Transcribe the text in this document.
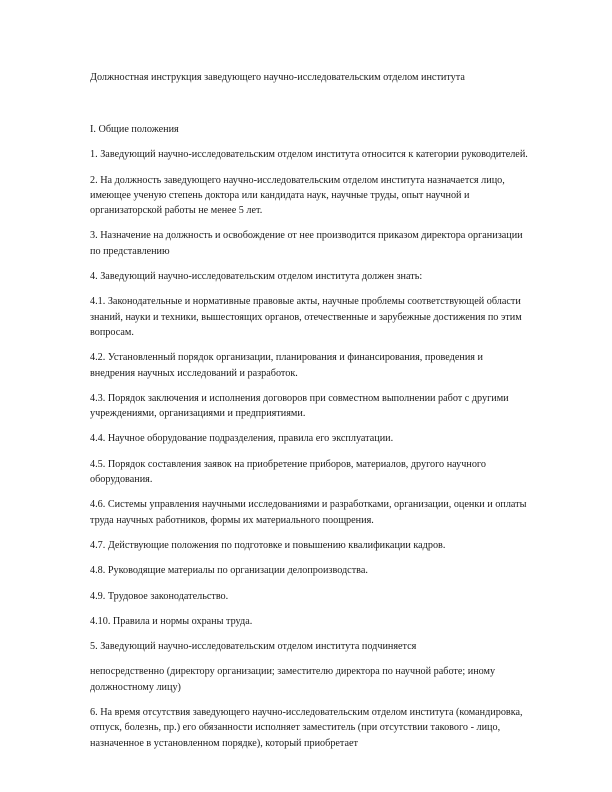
Должностная инструкция заведующего научно-исследовательским отделом института

I. Общие положения

1. Заведующий научно-исследовательским отделом института относится к категории руководителей.

2. На должность заведующего научно-исследовательским отделом института назначается лицо, имеющее ученую степень доктора или кандидата наук, научные труды, опыт научной и организаторской работы не менее 5 лет.

3. Назначение на должность и освобождение от нее производится приказом директора организации по представлению

4. Заведующий научно-исследовательским отделом института должен знать:

4.1. Законодательные и нормативные правовые акты, научные проблемы соответствующей области знаний, науки и техники, вышестоящих органов, отечественные и зарубежные достижения по этим вопросам.

4.2. Установленный порядок организации, планирования и финансирования, проведения и внедрения научных исследований и разработок.

4.3. Порядок заключения и исполнения договоров при совместном выполнении работ с другими учреждениями, организациями и предприятиями.

4.4. Научное оборудование подразделения, правила его эксплуатации.

4.5. Порядок составления заявок на приобретение приборов, материалов, другого научного оборудования.

4.6. Системы управления научными исследованиями и разработками, организации, оценки и оплаты труда научных работников, формы их материального поощрения.

4.7. Действующие положения по подготовке и повышению квалификации кадров.

4.8. Руководящие материалы по организации делопроизводства.

4.9. Трудовое законодательство.

4.10. Правила и нормы охраны труда.

5. Заведующий научно-исследовательским отделом института подчиняется

непосредственно (директору организации; заместителю директора по научной работе; иному должностному лицу)

6. На время отсутствия заведующего научно-исследовательским отделом института (командировка, отпуск, болезнь, пр.) его обязанности исполняет заместитель (при отсутствии такового - лицо, назначенное в установленном порядке), который приобретает
